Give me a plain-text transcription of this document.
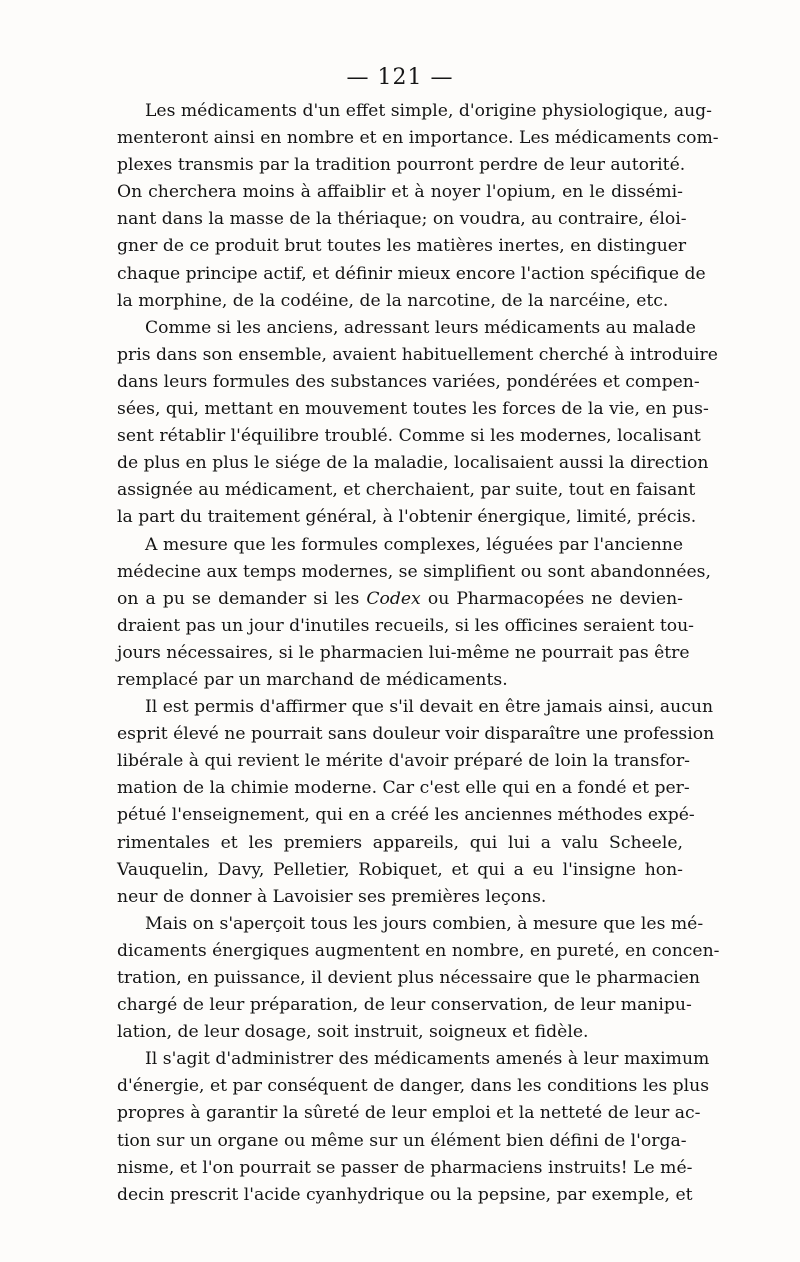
— 121 —
Les médicaments d'un effet simple, d'origine physiologique, aug-
menteront ainsi en nombre et en importance. Les médicaments com-
plexes transmis par la tradition pourront perdre de leur autorité.
On cherchera moins à affaiblir et à noyer l'opium, en le dissémi-
nant dans la masse de la thériaque; on voudra, au contraire, éloi-
gner de ce produit brut toutes les matières inertes, en distinguer
chaque principe actif, et définir mieux encore l'action spécifique de
la morphine, de la codéine, de la narcotine, de la narcéine, etc.
Comme si les anciens, adressant leurs médicaments au malade
pris dans son ensemble, avaient habituellement cherché à introduire
dans leurs formules des substances variées, pondérées et compen-
sées, qui, mettant en mouvement toutes les forces de la vie, en pus-
sent rétablir l'équilibre troublé. Comme si les modernes, localisant
de plus en plus le siége de la maladie, localisaient aussi la direction
assignée au médicament, et cherchaient, par suite, tout en faisant
la part du traitement général, à l'obtenir énergique, limité, précis.
A mesure que les formules complexes, léguées par l'ancienne
médecine aux temps modernes, se simplifient ou sont abandonnées,
on a pu se demander si les Codex ou Pharmacopées ne devien-
draient pas un jour d'inutiles recueils, si les officines seraient tou-
jours nécessaires, si le pharmacien lui-même ne pourrait pas être
remplacé par un marchand de médicaments.
Il est permis d'affirmer que s'il devait en être jamais ainsi, aucun
esprit élevé ne pourrait sans douleur voir disparaître une profession
libérale à qui revient le mérite d'avoir préparé de loin la transfor-
mation de la chimie moderne. Car c'est elle qui en a fondé et per-
pétué l'enseignement, qui en a créé les anciennes méthodes expé-
rimentales et les premiers appareils, qui lui a valu Scheele,
Vauquelin, Davy, Pelletier, Robiquet, et qui a eu l'insigne hon-
neur de donner à Lavoisier ses premières leçons.
Mais on s'aperçoit tous les jours combien, à mesure que les mé-
dicaments énergiques augmentent en nombre, en pureté, en concen-
tration, en puissance, il devient plus nécessaire que le pharmacien
chargé de leur préparation, de leur conservation, de leur manipu-
lation, de leur dosage, soit instruit, soigneux et fidèle.
Il s'agit d'administrer des médicaments amenés à leur maximum
d'énergie, et par conséquent de danger, dans les conditions les plus
propres à garantir la sûreté de leur emploi et la netteté de leur ac-
tion sur un organe ou même sur un élément bien défini de l'orga-
nisme, et l'on pourrait se passer de pharmaciens instruits! Le mé-
decin prescrit l'acide cyanhydrique ou la pepsine, par exemple, et
